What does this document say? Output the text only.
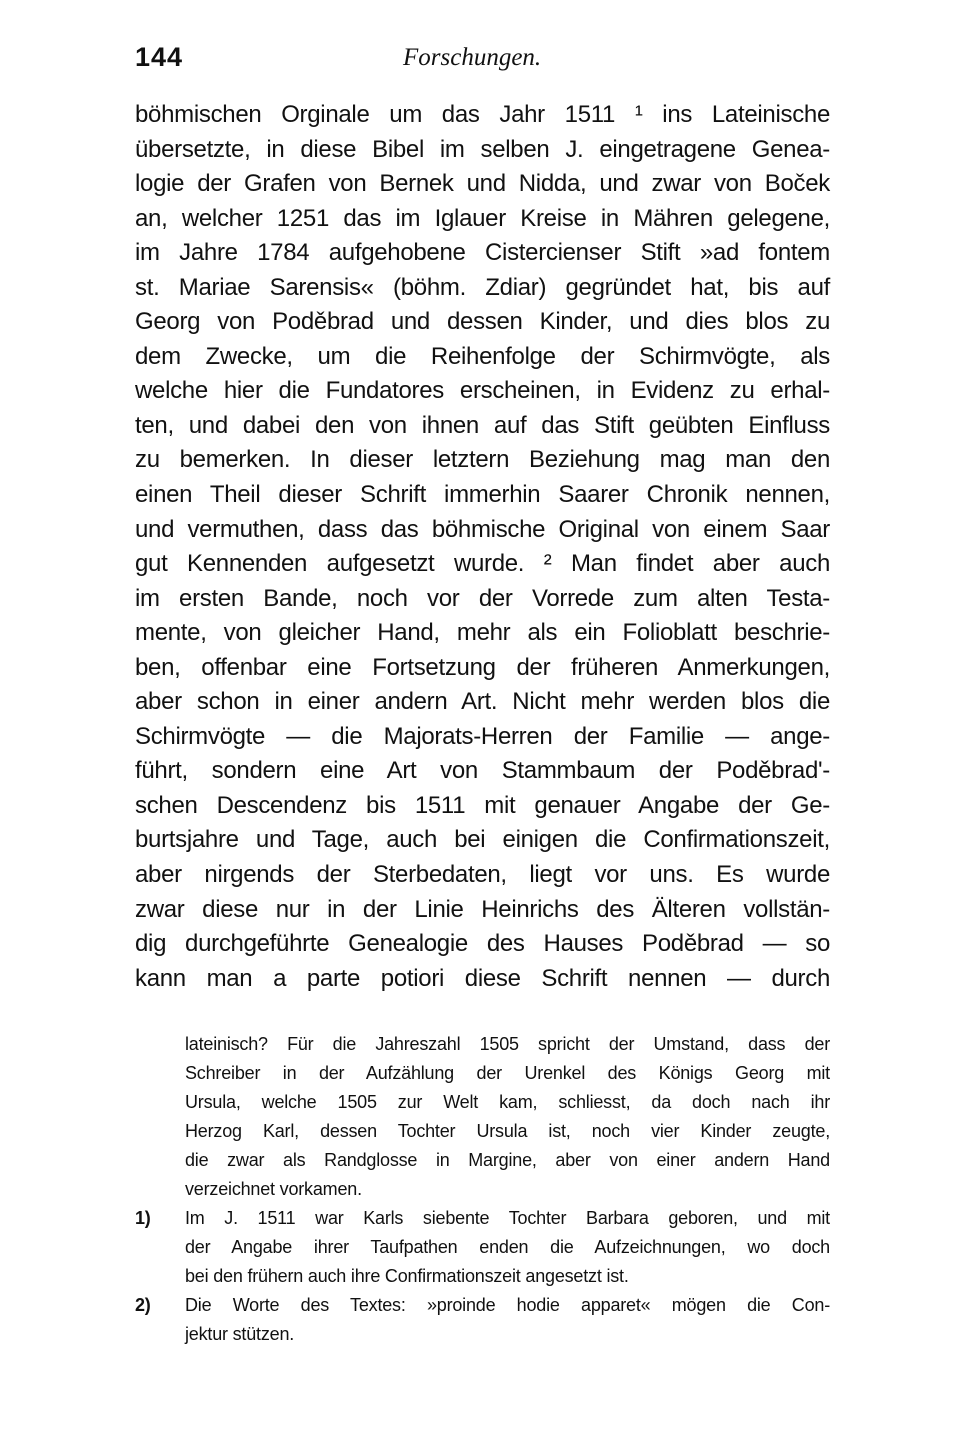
144	Forschungen.
böhmischen Orginale um das Jahr 1511 ¹ ins Lateinische
übersetzte, in diese Bibel im selben J. eingetragene Genea-
logie der Grafen von Bernek und Nidda, und zwar von Boček
an, welcher 1251 das im Iglauer Kreise in Mähren gelegene,
im Jahre 1784 aufgehobene Cistercienser Stift »ad fontem
st. Mariae Sarensis« (böhm. Zdiar) gegründet hat, bis auf
Georg von Poděbrad und dessen Kinder, und dies blos zu
dem Zwecke, um die Reihenfolge der Schirmvögte, als
welche hier die Fundatores erscheinen, in Evidenz zu erhal-
ten, und dabei den von ihnen auf das Stift geübten Einfluss
zu bemerken. In dieser letztern Beziehung mag man den
einen Theil dieser Schrift immerhin Saarer Chronik nennen,
und vermuthen, dass das böhmische Original von einem Saar
gut Kennenden aufgesetzt wurde. ² Man findet aber auch
im ersten Bande, noch vor der Vorrede zum alten Testa-
mente, von gleicher Hand, mehr als ein Folioblatt beschrie-
ben, offenbar eine Fortsetzung der früheren Anmerkungen,
aber schon in einer andern Art. Nicht mehr werden blos die
Schirmvögte — die Majorats-Herren der Familie — ange-
führt, sondern eine Art von Stammbaum der Poděbrad'-
schen Descendenz bis 1511 mit genauer Angabe der Ge-
burtsjahre und Tage, auch bei einigen die Confirmationszeit,
aber nirgends der Sterbedaten, liegt vor uns. Es wurde
zwar diese nur in der Linie Heinrichs des Älteren vollstän-
dig durchgeführte Genealogie des Hauses Poděbrad — so
kann man a parte potiori diese Schrift nennen — durch
lateinisch? Für die Jahreszahl 1505 spricht der Umstand, dass der
Schreiber in der Aufzählung der Urenkel des Königs Georg mit
Ursula, welche 1505 zur Welt kam, schliesst, da doch nach ihr
Herzog Karl, dessen Tochter Ursula ist, noch vier Kinder zeugte,
die zwar als Randglosse in Margine, aber von einer andern Hand
verzeichnet vorkamen.
1) Im J. 1511 war Karls siebente Tochter Barbara geboren, und mit
der Angabe ihrer Taufpathen enden die Aufzeichnungen, wo doch
bei den frühern auch ihre Confirmationszeit angesetzt ist.
2) Die Worte des Textes: »proinde hodie apparet« mögen die Con-
jektur stützen.
